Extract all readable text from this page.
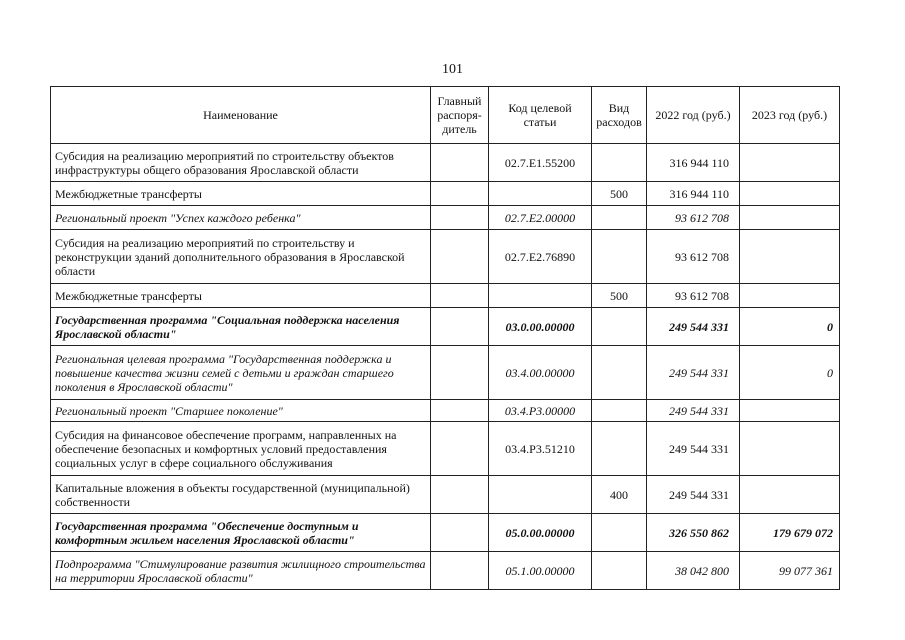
101
Наименование	Главный распоря-дитель	Код целевой статьи	Вид расходов	2022 год (руб.)	2023 год (руб.)
Субсидия на реализацию мероприятий по строительству объектов инфраструктуры общего образования Ярославской области		02.7.E1.55200		316 944 110	
Межбюджетные трансферты			500	316 944 110	
Региональный проект "Успех каждого ребенка"		02.7.E2.00000		93 612 708	
Субсидия на реализацию мероприятий по строительству и реконструкции зданий дополнительного образования в Ярославской области		02.7.E2.76890		93 612 708	
Межбюджетные трансферты			500	93 612 708	
Государственная программа "Социальная поддержка населения Ярославской области"		03.0.00.00000		249 544 331	0
Региональная целевая программа "Государственная поддержка и повышение качества жизни семей с детьми и граждан старшего поколения в Ярославской области"		03.4.00.00000		249 544 331	0
Региональный проект "Старшее поколение"		03.4.P3.00000		249 544 331	
Субсидия на финансовое обеспечение программ, направленных на обеспечение безопасных и комфортных условий предоставления социальных услуг в сфере социального обслуживания		03.4.P3.51210		249 544 331	
Капитальные вложения в объекты государственной (муниципальной) собственности			400	249 544 331	
Государственная программа "Обеспечение доступным и комфортным жильем населения Ярославской области"		05.0.00.00000		326 550 862	179 679 072
Подпрограмма "Стимулирование развития жилищного строительства на территории Ярославской области"		05.1.00.00000		38 042 800	99 077 361
